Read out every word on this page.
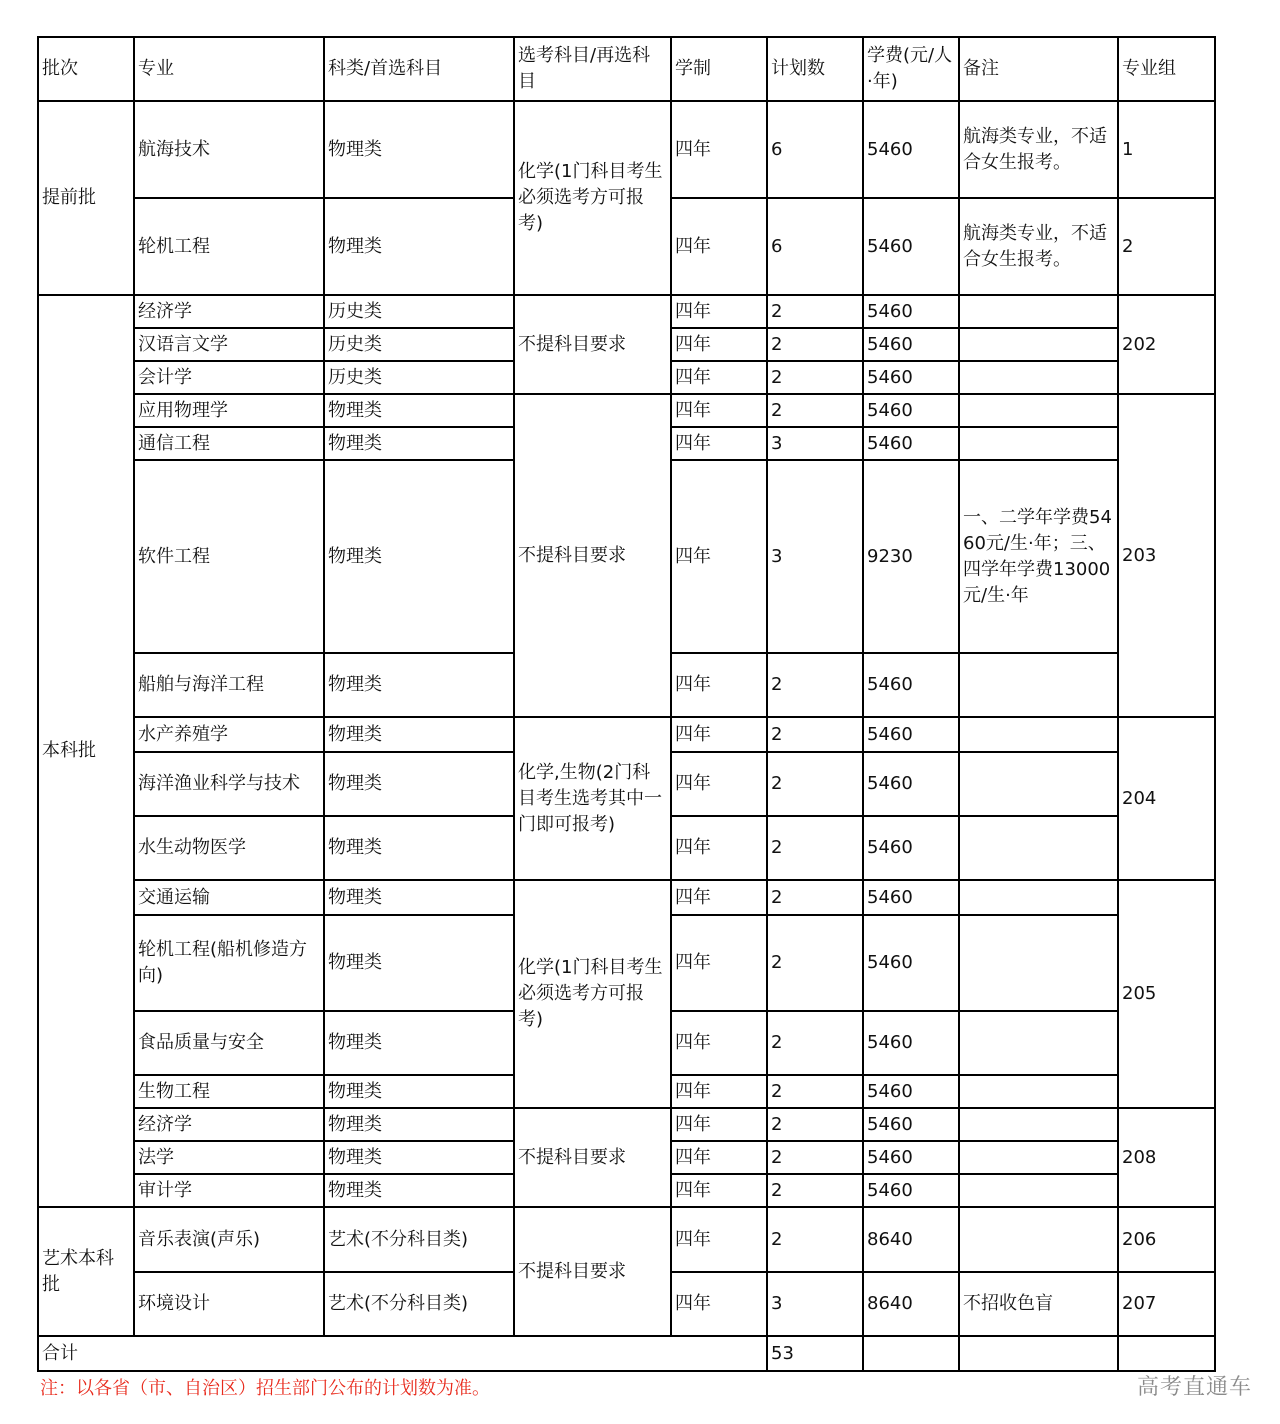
批次	专业	科类/首选科目	选考科目/再选科目	学制	计划数	学费(元/人·年)	备注	专业组
提前批	航海技术	物理类	化学(1门科目考生必须选考方可报考)	四年	6	5460	航海类专业，不适合女生报考。	1
	轮机工程	物理类		四年	6	5460	航海类专业，不适合女生报考。	2
本科批	经济学	历史类	不提科目要求	四年	2	5460		202
	汉语言文学	历史类		四年	2	5460		
	会计学	历史类		四年	2	5460		
	应用物理学	物理类	不提科目要求	四年	2	5460		203
	通信工程	物理类		四年	3	5460		
	软件工程	物理类		四年	3	9230	一、二学年学费5460元/生·年；三、四学年学费13000元/生·年	
	船舶与海洋工程	物理类		四年	2	5460		
	水产养殖学	物理类	化学,生物(2门科目考生选考其中一门即可报考)	四年	2	5460		204
	海洋渔业科学与技术	物理类		四年	2	5460		
	水生动物医学	物理类		四年	2	5460		
	交通运输	物理类	化学(1门科目考生必须选考方可报考)	四年	2	5460		205
	轮机工程(船机修造方向)	物理类		四年	2	5460		
	食品质量与安全	物理类		四年	2	5460		
	生物工程	物理类		四年	2	5460		
	经济学	物理类	不提科目要求	四年	2	5460		208
	法学	物理类		四年	2	5460		
	审计学	物理类		四年	2	5460		
艺术本科批	音乐表演(声乐)	艺术(不分科目类)	不提科目要求	四年	2	8640		206
	环境设计	艺术(不分科目类)		四年	3	8640	不招收色盲	207
合计					53			
注：以各省（市、自治区）招生部门公布的计划数为准。	高考直通车
